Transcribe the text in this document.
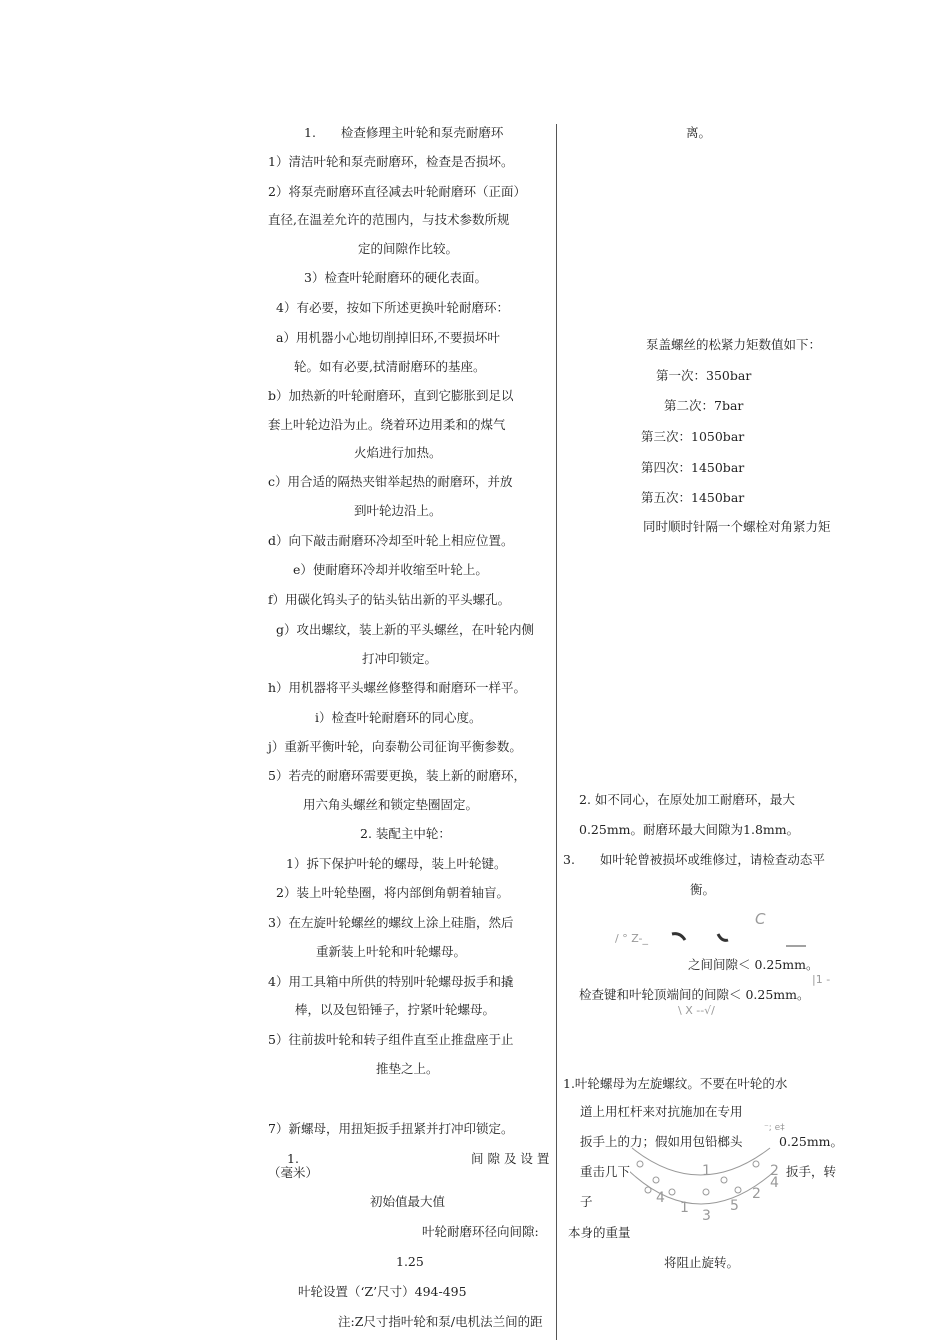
1.　　检查修理主叶轮和泵壳耐磨环
1）清洁叶轮和泵壳耐磨环，检查是否损坏。
2）将泵壳耐磨环直径减去叶轮耐磨环（正面）
直径,在温差允许的范围内，与技术参数所规
定的间隙作比较。
3）检查叶轮耐磨环的硬化表面。
4）有必要，按如下所述更换叶轮耐磨环：
a）用机器小心地切削掉旧环,不要损坏叶
轮。如有必要,拭清耐磨环的基座。
b）加热新的叶轮耐磨环，直到它膨胀到足以
套上叶轮边沿为止。绕着环边用柔和的煤气
火焰进行加热。
c）用合适的隔热夹钳举起热的耐磨环，并放
到叶轮边沿上。
d）向下敲击耐磨环冷却至叶轮上相应位置。
e）使耐磨环冷却并收缩至叶轮上。
f）用碳化钨头子的钻头钻出新的平头螺孔。
g）攻出螺纹，装上新的平头螺丝，在叶轮内侧
打冲印锁定。
h）用机器将平头螺丝修整得和耐磨环一样平。
i）检查叶轮耐磨环的同心度。
j）重新平衡叶轮，向泰勒公司征询平衡参数。
5）若壳的耐磨环需要更换，装上新的耐磨环，
用六角头螺丝和锁定垫圈固定。
2. 装配主中轮：
1）拆下保护叶轮的螺母，装上叶轮键。
2）装上叶轮垫圈，将内部倒角朝着轴盲。
3）在左旋叶轮螺丝的螺纹上涂上硅脂，然后
重新装上叶轮和叶轮螺母。
4）用工具箱中所供的特别叶轮螺母扳手和撬
棒，以及包铅锤子，拧紧叶轮螺母。
5）往前拔叶轮和转子组件直至止推盘座于止
推垫之上。
7）新螺母，用扭矩扳手扭紧并打冲印锁定。
1.	间 隙 及 设 置
（毫米）
初始值最大值
叶轮耐磨环径向间隙:
1.25
叶轮设置（‘Z’尺寸）494-495
注:Z尺寸指叶轮和泵/电机法兰间的距
离。
泵盖螺丝的松紧力矩数值如下：
第一次：350bar
第二次：7bar
第三次：1050bar
第四次：1450bar
第五次：1450bar
同时顺时针隔一个螺栓对角紧力矩
2. 如不同心，在原处加工耐磨环，最大
0.25mm。耐磨环最大间隙为1.8mm。
3.　　如叶轮曾被损坏或维修过，请检查动态平
衡。
C
/ ° Z-_
之间间隙＜ 0.25mm。
|1 -
检查键和叶轮顶端间的间隙＜ 0.25mm。
\ X --√/
1.叶轮螺母为左旋螺纹。不要在叶轮的水
道上用杠杆来对抗施加在专用
⁻; e‡
扳手上的力；假如用包铅榔头	0.25mm。
1	2
3
4	5
4
2
1
重击几下	扳手，转
子
本身的重量
将阻止旋转。
